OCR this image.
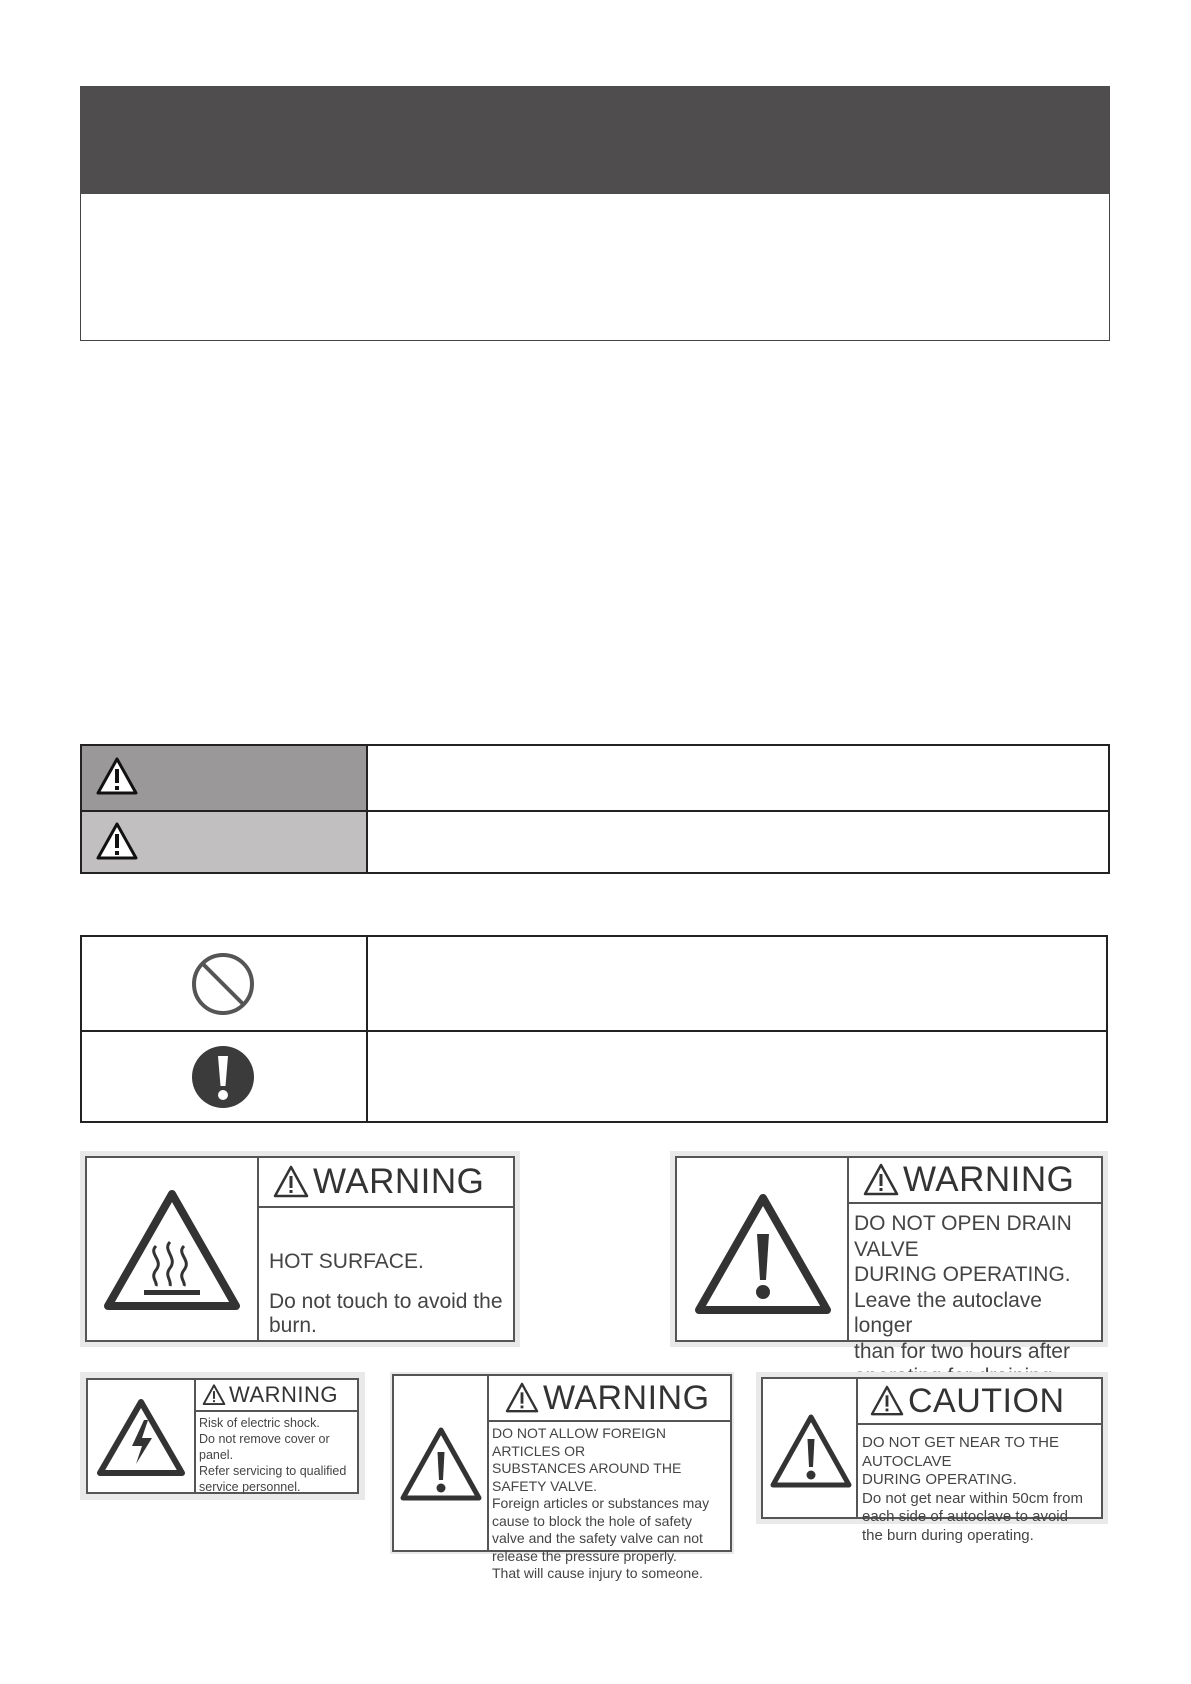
WARNING
HOT SURFACE.
Do not touch to avoid the burn.
WARNING
DO NOT OPEN DRAIN VALVE
DURING OPERATING.
Leave the autoclave longer
than for two hours after

WARNING
Risk of electric shock.
Do not remove cover or panel.
Refer servicing to qualified
service personnel.
WARNING
DO NOT ALLOW FOREIGN ARTICLES OR
SUBSTANCES AROUND THE SAFETY VALVE.
Foreign articles or substances may
cause to block the hole of safety
valve and the safety valve can not
release the pressure properly.
That will cause injury to someone.
CAUTION
DO NOT GET NEAR TO THE AUTOCLAVE
DURING OPERATING.
Do not get near within 50cm from
each side of autoclave to avoid
the burn during operating.
